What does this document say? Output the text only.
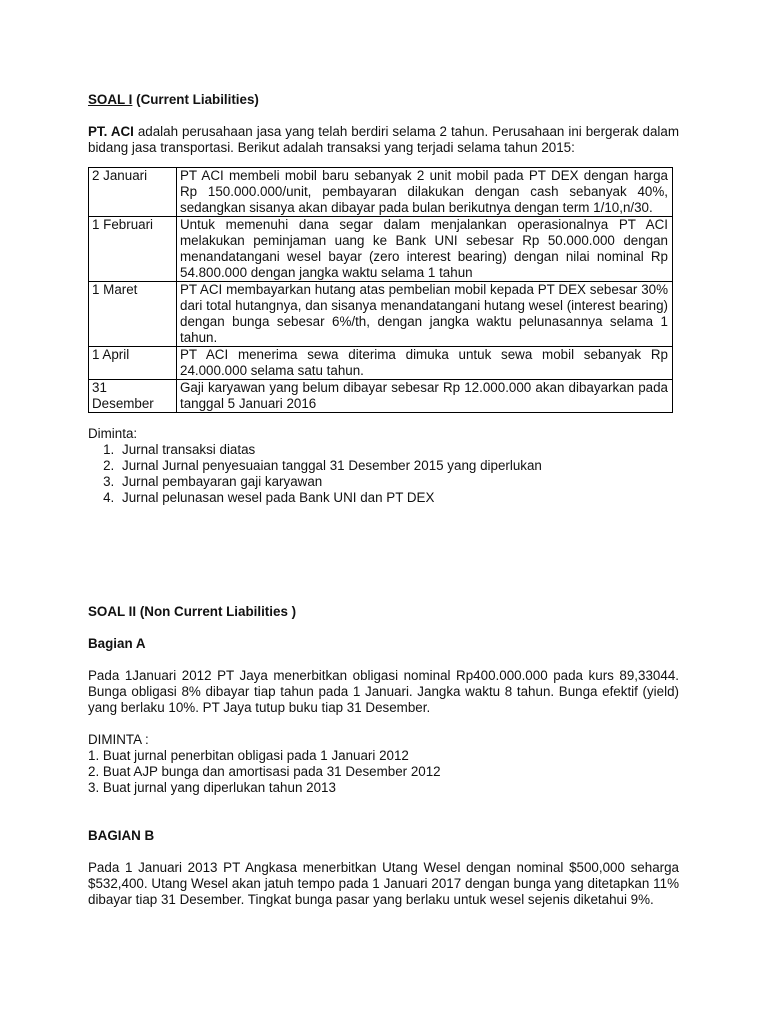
SOAL I (Current Liabilities)
PT. ACI adalah perusahaan jasa yang telah berdiri selama 2 tahun. Perusahaan ini bergerak dalam bidang jasa transportasi. Berikut adalah transaksi yang terjadi selama tahun 2015:
2 Januari	PT ACI membeli mobil baru sebanyak 2 unit mobil pada PT DEX dengan harga Rp 150.000.000/unit, pembayaran dilakukan dengan cash sebanyak 40%, sedangkan sisanya akan dibayar pada bulan berikutnya dengan term 1/10,n/30.
1 Februari	Untuk memenuhi dana segar dalam menjalankan operasionalnya PT ACI melakukan peminjaman uang ke Bank UNI sebesar Rp 50.000.000 dengan menandatangani wesel bayar (zero interest bearing) dengan nilai nominal Rp 54.800.000 dengan jangka waktu selama 1 tahun
1 Maret	PT ACI membayarkan hutang atas pembelian mobil kepada PT DEX sebesar 30% dari total hutangnya, dan sisanya menandatangani hutang wesel (interest bearing) dengan bunga sebesar 6%/th, dengan jangka waktu pelunasannya selama 1 tahun.
1 April	PT ACI menerima sewa diterima dimuka untuk sewa mobil sebanyak Rp 24.000.000 selama satu tahun.
31 Desember	Gaji karyawan yang belum dibayar sebesar Rp 12.000.000 akan dibayarkan pada tanggal 5 Januari 2016
Diminta:
1. Jurnal transaksi diatas
2. Jurnal Jurnal penyesuaian tanggal 31 Desember 2015 yang diperlukan
3. Jurnal pembayaran gaji karyawan
4. Jurnal pelunasan wesel pada Bank UNI dan PT DEX
SOAL II (Non Current Liabilities )
Bagian A
Pada 1Januari 2012 PT Jaya menerbitkan obligasi nominal Rp400.000.000 pada kurs 89,33044. Bunga obligasi 8% dibayar tiap tahun pada 1 Januari. Jangka waktu 8 tahun. Bunga efektif (yield) yang berlaku 10%. PT Jaya tutup buku tiap 31 Desember.
DIMINTA :
1. Buat jurnal penerbitan obligasi pada 1 Januari 2012
2. Buat AJP bunga dan amortisasi pada 31 Desember 2012
3. Buat jurnal yang diperlukan tahun 2013
BAGIAN B
Pada 1 Januari 2013 PT Angkasa menerbitkan Utang Wesel dengan nominal $500,000 seharga $532,400. Utang Wesel akan jatuh tempo pada 1 Januari 2017 dengan bunga yang ditetapkan 11% dibayar tiap 31 Desember. Tingkat bunga pasar yang berlaku untuk wesel sejenis diketahui 9%.
